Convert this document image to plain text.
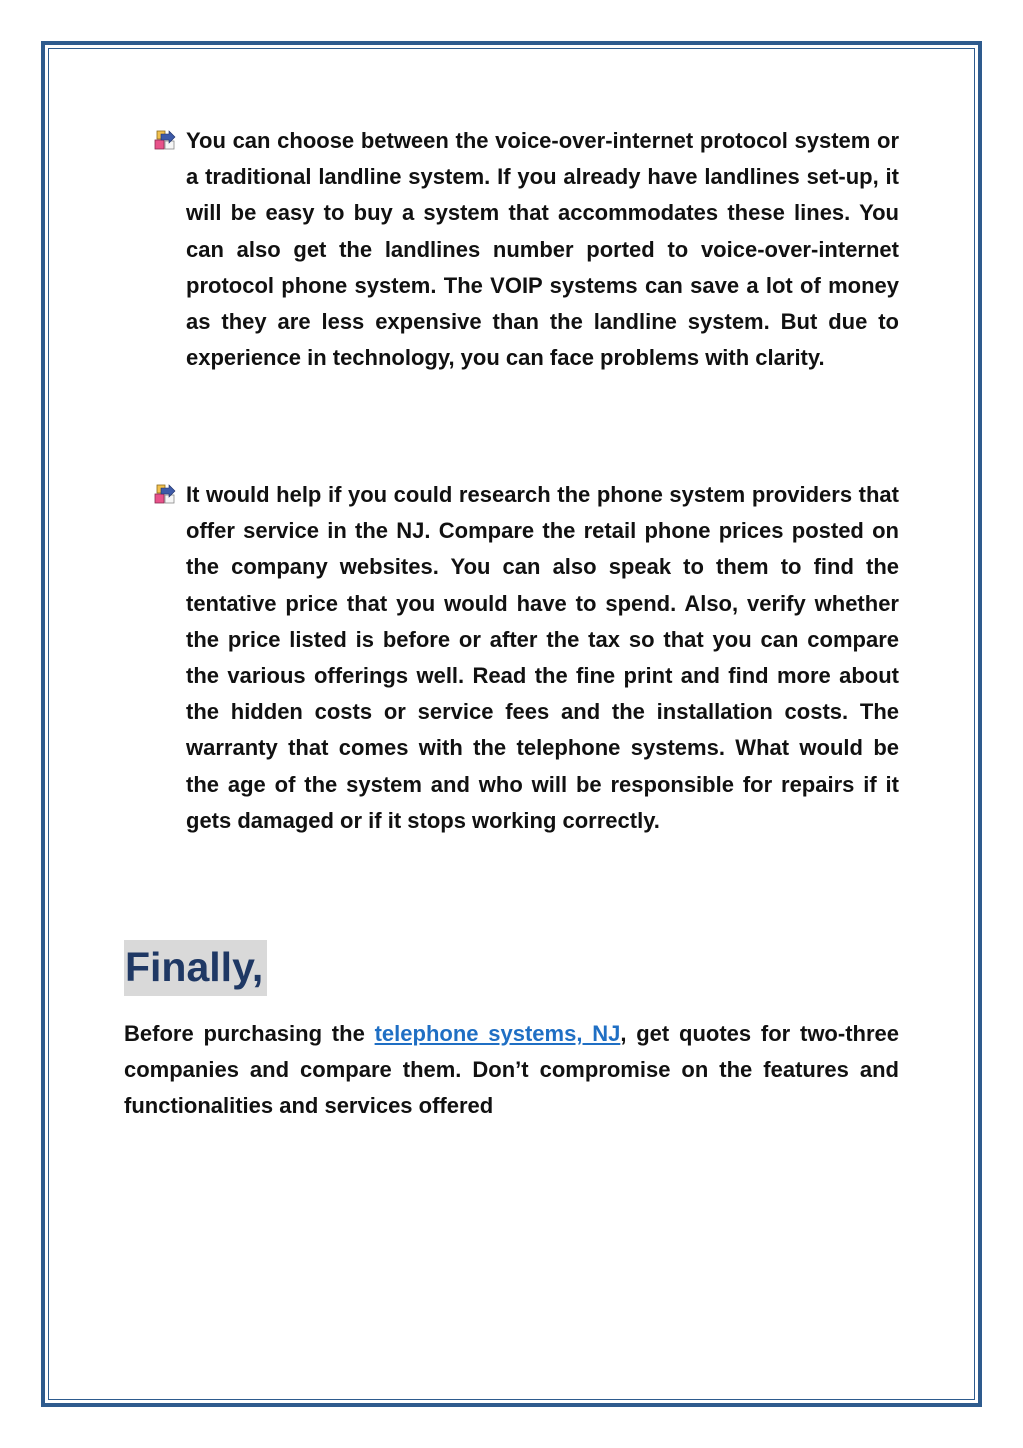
You can choose between the voice-over-internet protocol system or a traditional landline system. If you already have landlines set-up, it will be easy to buy a system that accommodates these lines. You can also get the landlines number ported to voice-over-internet protocol phone system. The VOIP systems can save a lot of money as they are less expensive than the landline system. But due to experience in technology, you can face problems with clarity.
It would help if you could research the phone system providers that offer service in the NJ. Compare the retail phone prices posted on the company websites. You can also speak to them to find the tentative price that you would have to spend. Also, verify whether the price listed is before or after the tax so that you can compare the various offerings well. Read the fine print and find more about the hidden costs or service fees and the installation costs. The warranty that comes with the telephone systems. What would be the age of the system and who will be responsible for repairs if it gets damaged or if it stops working correctly.
Finally,
Before purchasing the telephone systems, NJ, get quotes for two-three companies and compare them. Don’t compromise on the features and functionalities and services offered
